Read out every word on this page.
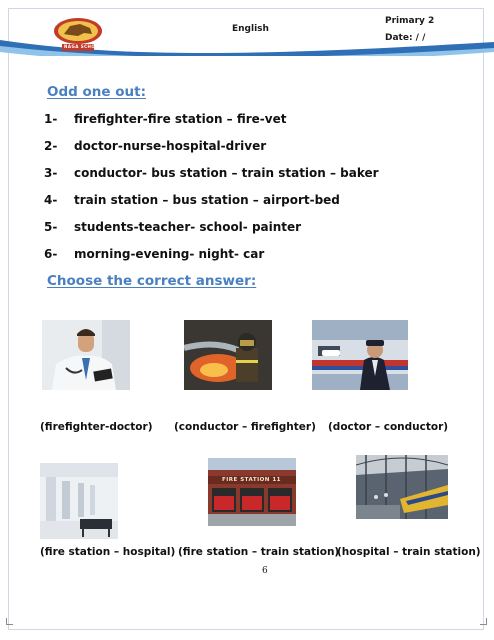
NAGA SCHOOL
English
Primary 2
Date: / /
Odd one out:
1- firefighter-fire station – fire-vet
2- doctor-nurse-hospital-driver
3- conductor- bus station – train station – baker
4- train station – bus station – airport-bed
5- students-teacher- school- painter
6- morning-evening- night- car
Choose the correct answer:
(firefighter-doctor) (conductor – firefighter) (doctor – conductor)
FIRE STATION 11
(fire station – hospital) (fire station – train station)
(hospital – train station)
6
